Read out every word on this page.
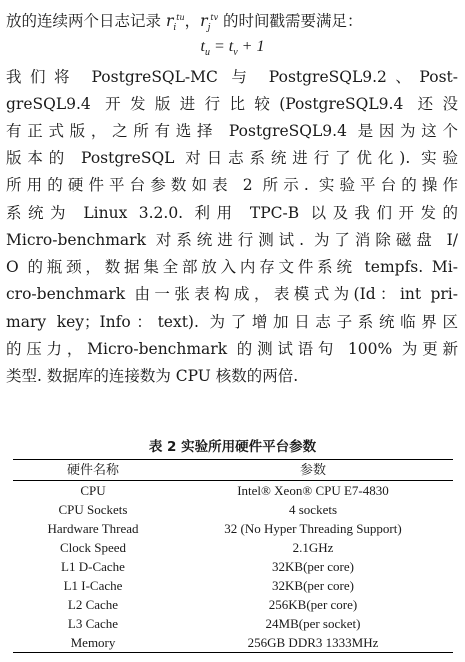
放的连续两个日志记录 $r_i^{tu}$，$r_j^{tv}$ 的时间戳需要满足：
$t_u = t_v + 1$
我们将 PostgreSQL-MC 与 PostgreSQL9.2、Post-
greSQL9.4 开发版进行比较(PostgreSQL9.4 还没
有正式版，之所有选择 PostgreSQL9.4 是因为这个
版本的 PostgreSQL 对日志系统进行了优化). 实验
所用的硬件平台参数如表 2 所示. 实验平台的操作
系统为 Linux 3.2.0. 利用 TPC-B 以及我们开发的
Micro-benchmark 对系统进行测试. 为了消除磁盘 I/
O 的瓶颈，数据集全部放入内存文件系统 tempfs. Mi-
cro-benchmark 由一张表构成，表模式为(Id：int pri-
mary key；Info：text). 为了增加日志子系统临界区
的压力，Micro-benchmark 的测试语句 100% 为更新
类型. 数据库的连接数为 CPU 核数的两倍.
表 2 实验所用硬件平台参数
硬件名称	参数
CPU	Intel® Xeon® CPU E7-4830
CPU Sockets	4 sockets
Hardware Thread	32 (No Hyper Threading Support)
Clock Speed	2.1GHz
L1 D-Cache	32KB(per core)
L1 I-Cache	32KB(per core)
L2 Cache	256KB(per core)
L3 Cache	24MB(per socket)
Memory	256GB DDR3 1333MHz
